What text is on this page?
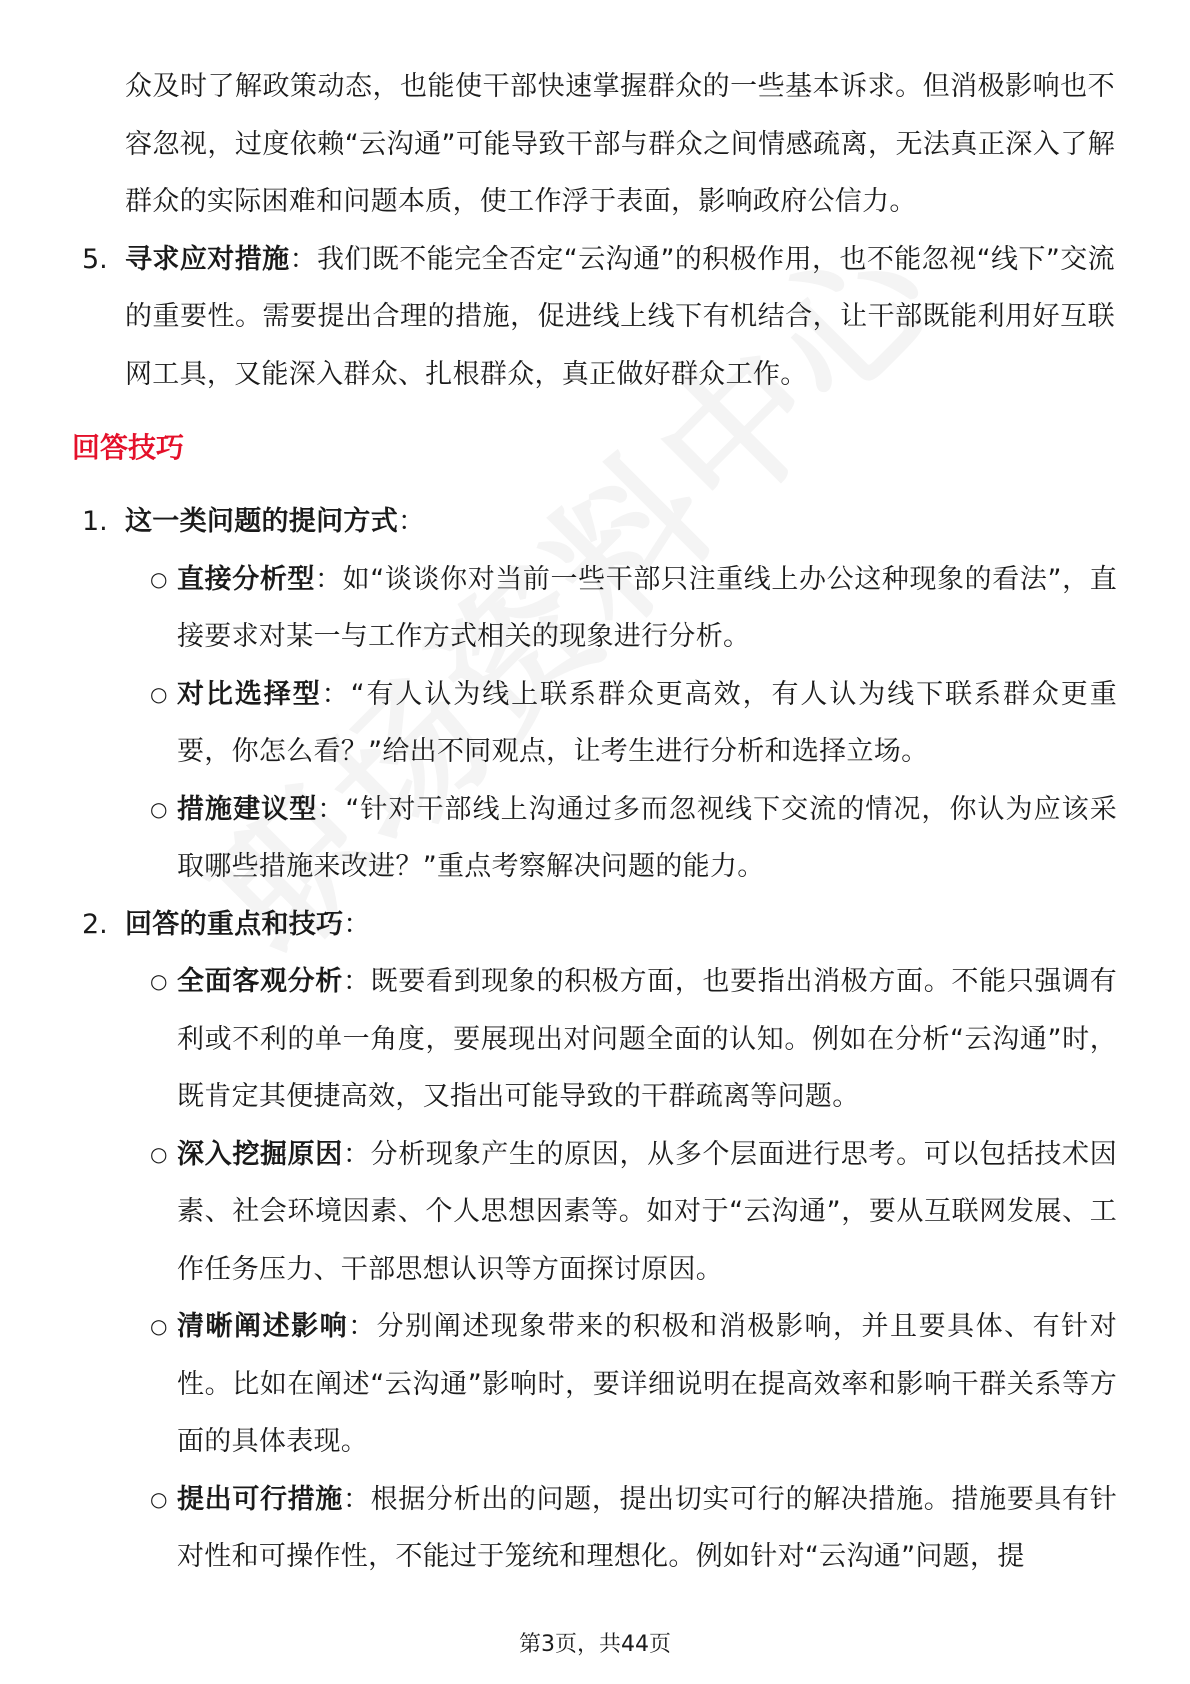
众及时了解政策动态，也能使干部快速掌握群众的一些基本诉求。但消极影响也不容忽视，过度依赖“云沟通”可能导致干部与群众之间情感疏离，无法真正深入了解群众的实际困难和问题本质，使工作浮于表面，影响政府公信力。

5. 寻求应对措施：我们既不能完全否定“云沟通”的积极作用，也不能忽视“线下”交流的重要性。需要提出合理的措施，促进线上线下有机结合，让干部既能利用好互联网工具，又能深入群众、扎根群众，真正做好群众工作。

回答技巧
1. 这一类问题的提问方式：

○ 直接分析型：如“谈谈你对当前一些干部只注重线上办公这种现象的看法”，直接要求对某一与工作方式相关的现象进行分析。

○ 对比选择型：“有人认为线上联系群众更高效，有人认为线下联系群众更重要，你怎么看？”给出不同观点，让考生进行分析和选择立场。

○ 措施建议型：“针对干部线上沟通过多而忽视线下交流的情况，你认为应该采取哪些措施来改进？”重点考察解决问题的能力。

2. 回答的重点和技巧：

○ 全面客观分析：既要看到现象的积极方面，也要指出消极方面。不能只强调有利或不利的单一角度，要展现出对问题全面的认知。例如在分析“云沟通”时，既肯定其便捷高效，又指出可能导致的干群疏离等问题。

○ 深入挖掘原因：分析现象产生的原因，从多个层面进行思考。可以包括技术因素、社会环境因素、个人思想因素等。如对于“云沟通”，要从互联网发展、工作任务压力、干部思想认识等方面探讨原因。

○ 清晰阐述影响：分别阐述现象带来的积极和消极影响，并且要具体、有针对性。比如在阐述“云沟通”影响时，要详细说明在提高效率和影响干群关系等方面的具体表现。

○ 提出可行措施：根据分析出的问题，提出切实可行的解决措施。措施要具有针对性和可操作性，不能过于笼统和理想化。例如针对“云沟通”问题，提

第3页，共44页
